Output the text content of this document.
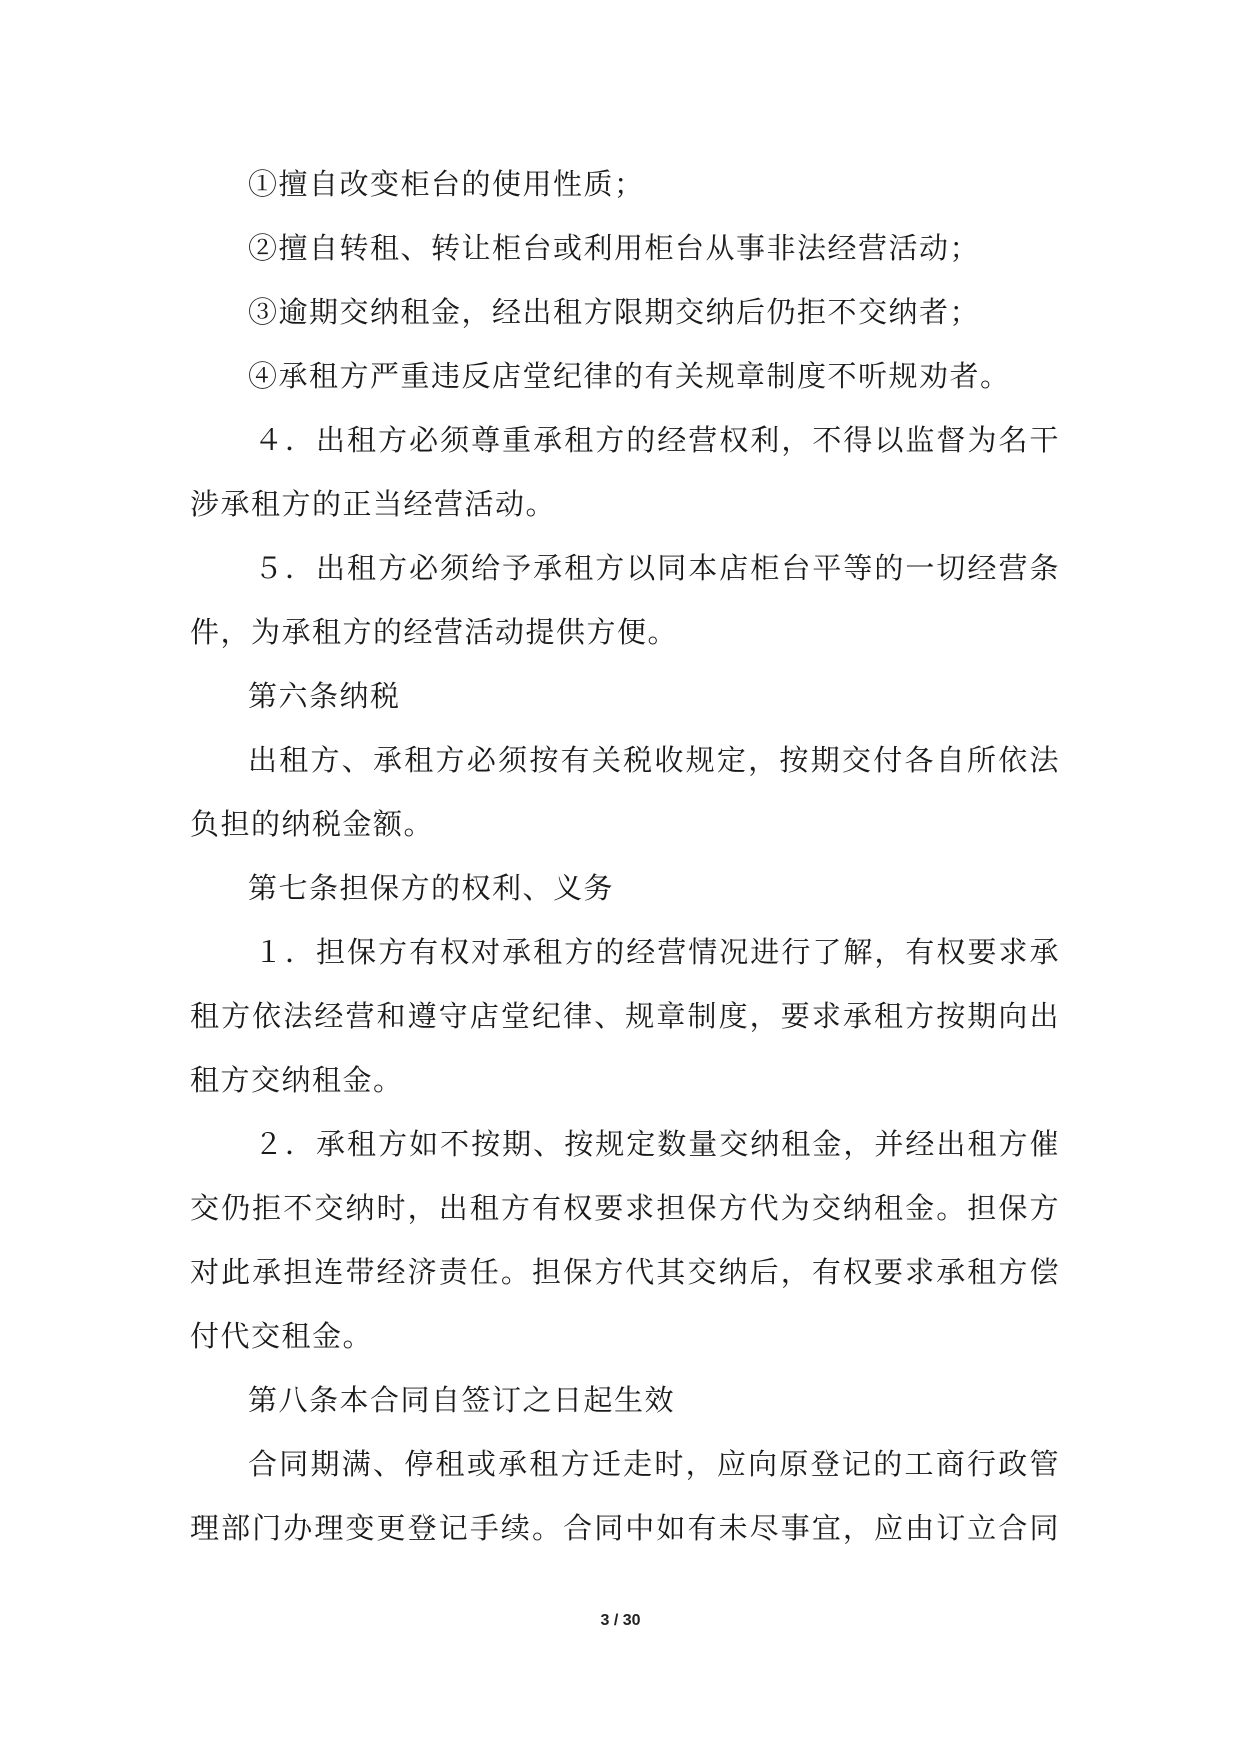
①擅自改变柜台的使用性质；
②擅自转租、转让柜台或利用柜台从事非法经营活动；
③逾期交纳租金，经出租方限期交纳后仍拒不交纳者；
④承租方严重违反店堂纪律的有关规章制度不听规劝者。
４．出租方必须尊重承租方的经营权利，不得以监督为名干
涉承租方的正当经营活动。
５．出租方必须给予承租方以同本店柜台平等的一切经营条
件，为承租方的经营活动提供方便。
第六条纳税
出租方、承租方必须按有关税收规定，按期交付各自所依法
负担的纳税金额。
第七条担保方的权利、义务
１．担保方有权对承租方的经营情况进行了解，有权要求承
租方依法经营和遵守店堂纪律、规章制度，要求承租方按期向出
租方交纳租金。
２．承租方如不按期、按规定数量交纳租金，并经出租方催
交仍拒不交纳时，出租方有权要求担保方代为交纳租金。担保方
对此承担连带经济责任。担保方代其交纳后，有权要求承租方偿
付代交租金。
第八条本合同自签订之日起生效
合同期满、停租或承租方迁走时，应向原登记的工商行政管
理部门办理变更登记手续。合同中如有未尽事宜，应由订立合同
3 / 30
